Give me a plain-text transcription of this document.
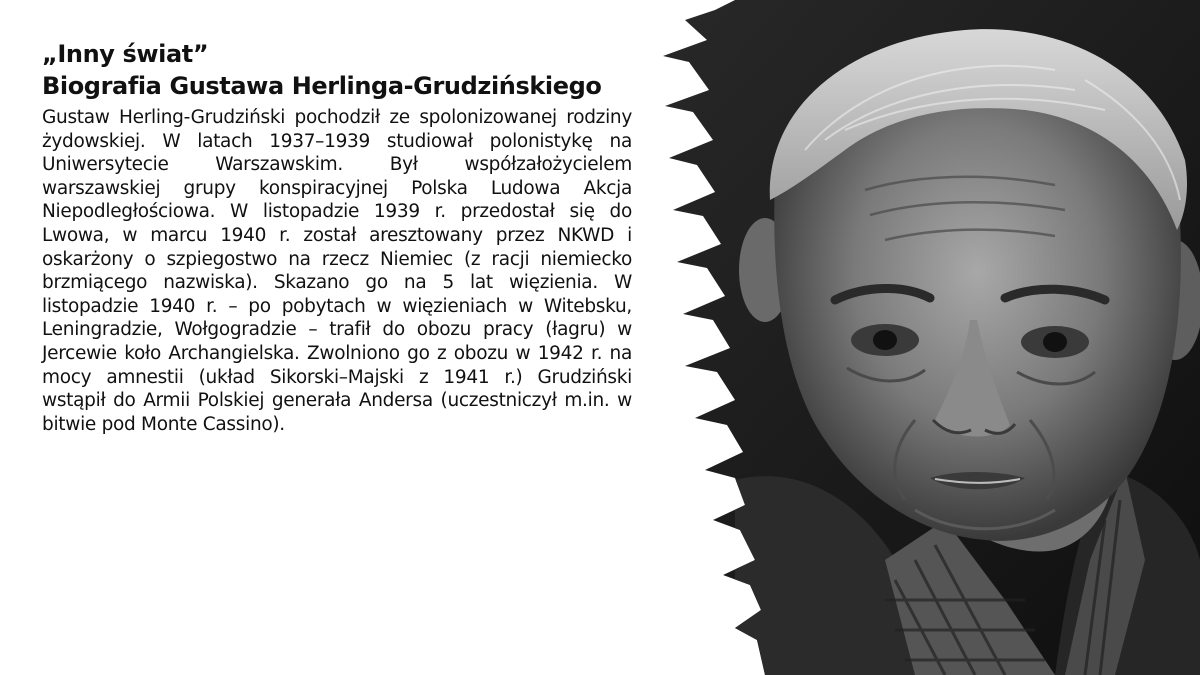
„Inny świat”
Biografia Gustawa Herlinga-Grudzińskiego

Gustaw Herling-Grudziński pochodził ze spolonizowanej rodziny żydowskiej. W latach 1937–1939 studiował polonistykę na Uniwersytecie Warszawskim. Był współzałożycielem warszawskiej grupy konspiracyjnej Polska Ludowa Akcja Niepodległościowa. W listopadzie 1939 r. przedostał się do Lwowa, w marcu 1940 r. został aresztowany przez NKWD i oskarżony o szpiegostwo na rzecz Niemiec (z racji niemiecko brzmiącego nazwiska). Skazano go na 5 lat więzienia. W listopadzie 1940 r. – po pobytach w więzieniach w Witebsku, Leningradzie, Wołgogradzie – trafił do obozu pracy (łagru) w Jercewie koło Archangielska. Zwolniono go z obozu w 1942 r. na mocy amnestii (układ Sikorski–Majski z 1941 r.) Grudziński wstąpił do Armii Polskiej generała Andersa (uczestniczył m.in. w bitwie pod Monte Cassino).
